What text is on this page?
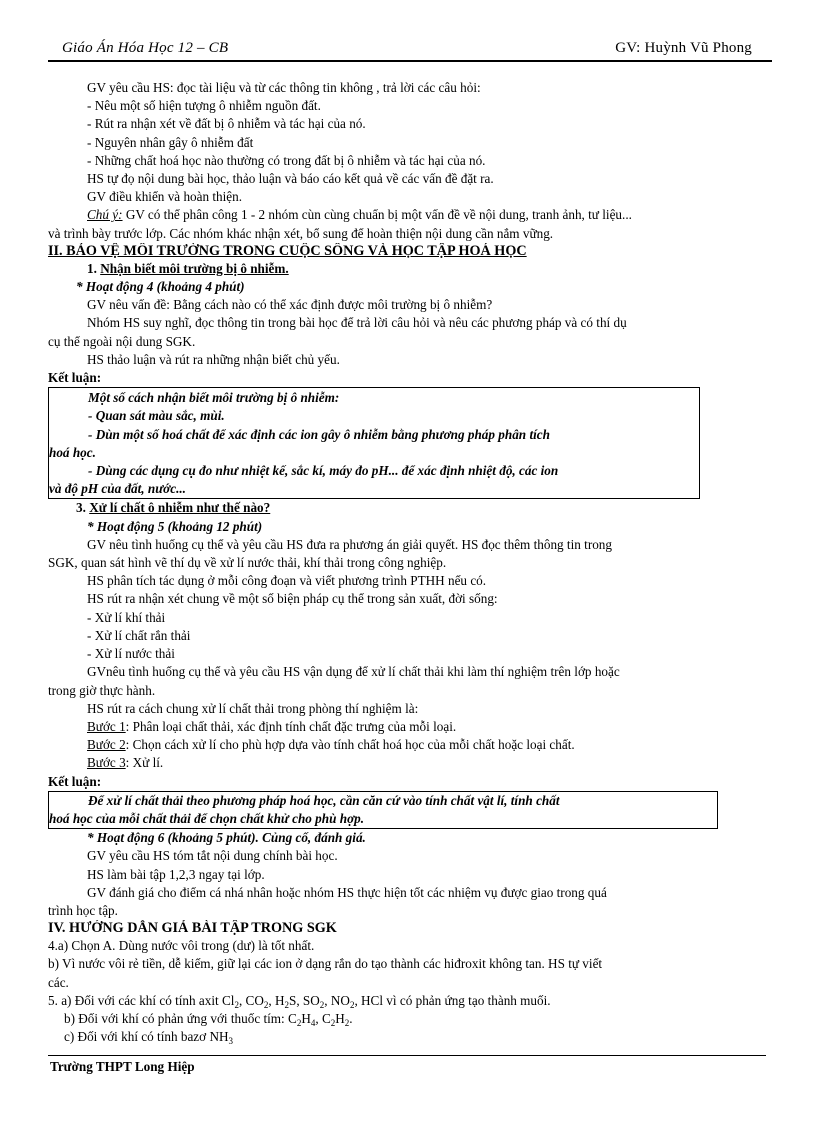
Giáo Án Hóa Học 12 – CB	GV: Huỳnh Vũ Phong
GV yêu cầu HS: đọc tài liệu và từ các thông tin không , trả lời các câu hỏi:
- Nêu một số hiện tượng ô nhiễm nguồn đất.
- Rút ra nhận xét về đất bị ô nhiễm và tác hại của nó.
- Nguyên nhân gây ô nhiễm đất
- Những chất hoá học nào thường có trong đất bị ô nhiễm và tác hại của nó.
HS tự đọ nội dung bài học, thảo luận và báo cáo kết quả về các vấn đề đặt ra.
GV điều khiển và hoàn thiện.
Chú ý: GV có thể phân công 1 - 2 nhóm cùn cùng chuẩn bị một vấn đề về nội dung, tranh ảnh, tư liệu...
và trình bày trước lớp. Các nhóm khác nhận xét, bổ sung để hoàn thiện nội dung cần nắm vững.
II. BẢO VỆ MÔI TRƯỜNG TRONG CUỘC SỐNG VÀ HỌC TẬP HOÁ HỌC
1. Nhận biết môi trường bị ô nhiễm.
* Hoạt động 4 (khoảng 4 phút)
GV nêu vấn đề: Bằng cách nào có thể xác định được môi trường bị ô nhiễm?
Nhóm HS suy nghĩ, đọc thông tin trong bài học để trả lời câu hỏi và nêu các phương pháp và có thí dụ
cụ thể ngoài nội dung SGK.
HS thảo luận và rút ra những nhận biết chủ yếu.
Kết luận:
Một số cách nhận biết môi trường bị ô nhiễm:
- Quan sát màu sắc, mùi.
- Dùn một số hoá chất để xác định các ion gây ô nhiễm bằng phương pháp phân tích
hoá học.
- Dùng các dụng cụ đo như nhiệt kế, sắc kí, máy đo pH... để xác định nhiệt độ, các ion
và độ pH của đất, nước...
3. Xử lí chất ô nhiễm như thế nào?
* Hoạt động 5 (khoảng 12 phút)
GV nêu tình huống cụ thể và yêu cầu HS đưa ra phương án giải quyết. HS đọc thêm thông tin trong
SGK, quan sát hình vẽ thí dụ về xử lí nước thải, khí thải trong công nghiệp.
HS phân tích tác dụng ở mỗi công đoạn và viết phương trình PTHH nếu có.
HS rút ra nhận xét chung về một số biện pháp cụ thể trong sản xuất, đời sống:
- Xử lí khí thải
- Xử lí chất rắn thải
- Xử lí nước thải
GVnêu tình huống cụ thể và yêu cầu HS vận dụng để xử lí chất thải khi làm thí nghiệm trên lớp hoặc
trong giờ thực hành.
HS rút ra cách chung xử lí chất thải trong phòng thí nghiệm là:
Bước 1: Phân loại chất thải, xác định tính chất đặc trưng của mỗi loại.
Bước 2: Chọn cách xử lí cho phù hợp dựa vào tính chất hoá học của mỗi chất hoặc loại chất.
Bước 3: Xử lí.
Kết luận:
Để xử lí chất thải theo phương pháp hoá học, cần căn cứ vào tính chất vật lí, tính chất
hoá học của mỗi chất thải để chọn chất khử cho phù hợp.
* Hoạt động 6 (khoảng 5 phút). Củng cố, đánh giá.
GV yêu cầu HS tóm tắt nội dung chính bài học.
HS làm bài tập 1,2,3 ngay tại lớp.
GV đánh giá cho điểm cá nhá nhân hoặc nhóm HS thực hiện tốt các nhiệm vụ được giao trong quá
trình học tập.
IV. HƯỚNG DẪN GIẢ BÀI TẬP TRONG SGK
4.a) Chọn A. Dùng nước vôi trong (dư) là tốt nhất.
b) Vì nước vôi rẻ tiền, dễ kiếm, giữ lại các ion ở dạng rắn do tạo thành các hiđroxit không tan. HS tự viết
các.
5. a) Đối với các khí có tính axit $Cl_2$, $CO_2$, $H_2S$, $SO_2$, $NO_2$, HCl vì có phản ứng tạo thành muối.
b) Đối với khí có phản ứng với thuốc tím: $C_2H_4$, $C_2H_2$.
c) Đối với khí có tính bazơ $NH_3$
Trường THPT Long Hiệp
